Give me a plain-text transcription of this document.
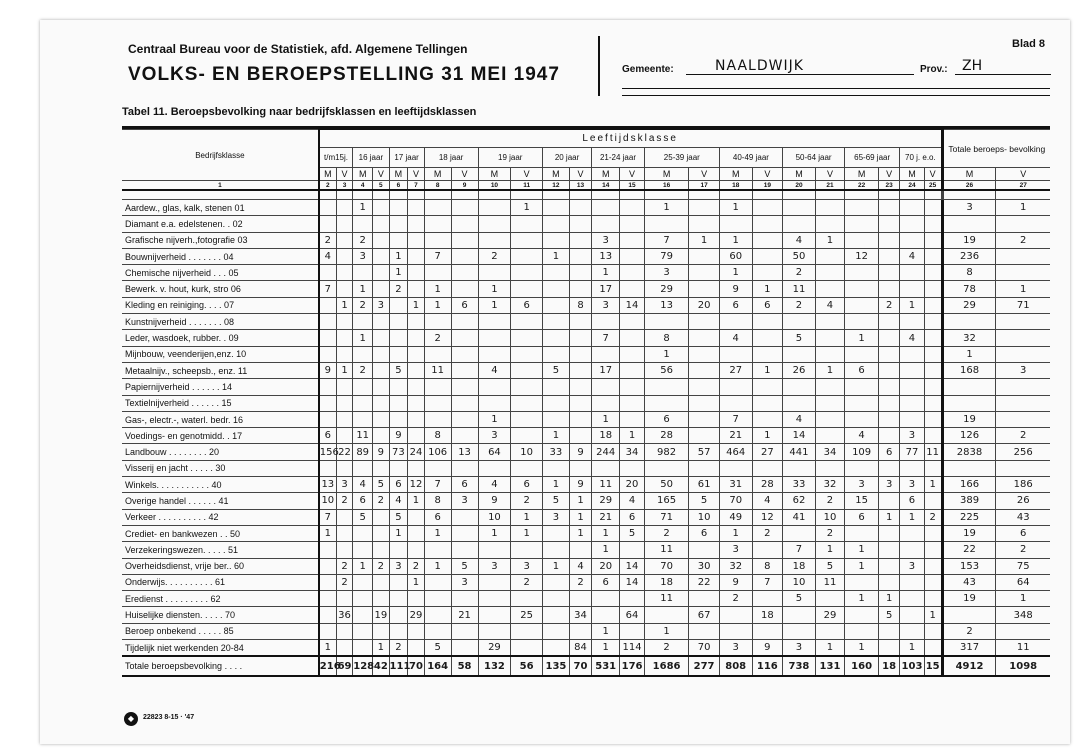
Centraal Bureau voor de Statistiek, afd. Algemene Tellingen
VOLKS- EN BEROEPSTELLING 31 MEI 1947
Blad 8
Gemeente:	NAALDWIJK	Prov.: ZH
Tabel 11. Beroepsbevolking naar bedrijfsklassen en leeftijdsklassen
Bedrijfsklasse	Leeftijdsklasse																								Totale beroeps- bevolking	
	t/m15j.		16 jaar		17 jaar		18 jaar		19 jaar		20 jaar		21-24 jaar		25-39 jaar		40-49 jaar		50-64 jaar		65-69 jaar		70 j. e.o.			
	M	V	M	V	M	V	M	V	M	V	M	V	M	V	M	V	M	V	M	V	M	V	M	V	M	V
1	2	3	4	5	6	7	8	9	10	11	12	13	14	15	16	17	18	19	20	21	22	23	24	25	26	27

Aardew., glas, kalk, stenen 01			1							1					1		1								3	1
Diamant e.a. edelstenen. . 02																										
Grafische nijverh.,fotografie 03	2		2										3		7	1	1		4	1					19	2
Bouwnijverheid . . . . . . . 04	4		3		1		7		2		1		13		79		60		50		12		4		236	
Chemische nijverheid . . . 05					1								1		3		1		2						8	
Bewerk. v. hout, kurk, stro 06	7		1		2		1		1				17		29		9	1	11						78	1
Kleding en reiniging. . . . 07		1	2	3		1	1	6	1	6		8	3	14	13	20	6	6	2	4		2	1		29	71
Kunstnijverheid . . . . . . . 08																										
Leder, wasdoek, rubber. . 09			1				2						7		8		4		5		1		4		32	
Mijnbouw, veenderijen,enz. 10															1										1	
Metaalnijv., scheepsb., enz. 11	9	1	2		5		11		4		5		17		56		27	1	26	1	6				168	3
Papiernijverheid . . . . . . 14																										
Textielnijverheid . . . . . . 15																										
Gas-, electr.-, waterl. bedr. 16									1				1		6		7		4						19	
Voedings- en genotmidd. . 17	6		11		9		8		3		1		18	1	28		21	1	14		4		3		126	2
Landbouw . . . . . . . . 20	156	22	89	9	73	24	106	13	64	10	33	9	244	34	982	57	464	27	441	34	109	6	77	11	2838	256
Visserij en jacht . . . . . 30																										
Winkels. . . . . . . . . . . 40	13	3	4	5	6	12	7	6	4	6	1	9	11	20	50	61	31	28	33	32	3	3	3	1	166	186
Overige handel . . . . . . 41	10	2	6	2	4	1	8	3	9	2	5	1	29	4	165	5	70	4	62	2	15		6		389	26
Verkeer . . . . . . . . . . 42	7		5		5		6		10	1	3	1	21	6	71	10	49	12	41	10	6	1	1	2	225	43
Crediet- en bankwezen . . 50	1				1		1		1	1		1	1	5	2	6	1	2		2					19	6
Verzekeringswezen. . . . . 51													1		11		3		7	1	1				22	2
Overheidsdienst, vrije ber.. 60		2	1	2	3	2	1	5	3	3	1	4	20	14	70	30	32	8	18	5	1		3		153	75
Onderwijs. . . . . . . . . . 61		2				1		3		2		2	6	14	18	22	9	7	10	11					43	64
Eredienst . . . . . . . . . 62															11		2		5		1	1			19	1
Huiselijke diensten. . . . . 70		36		19		29		21		25		34		64		67		18		29		5		1		348
Beroep onbekend . . . . . 85													1		1										2	
Tijdelijk niet werkenden 20-84	1			1	2		5		29			84	1	114	2	70	3	9	3	1	1		1		317	11
Totale beroepsbevolking . . . .	216	69	128	42	111	70	164	58	132	56	135	70	531	176	1686	277	808	116	738	131	160	18	103	15	4912	1098
◆	22823 8-15 · '47
